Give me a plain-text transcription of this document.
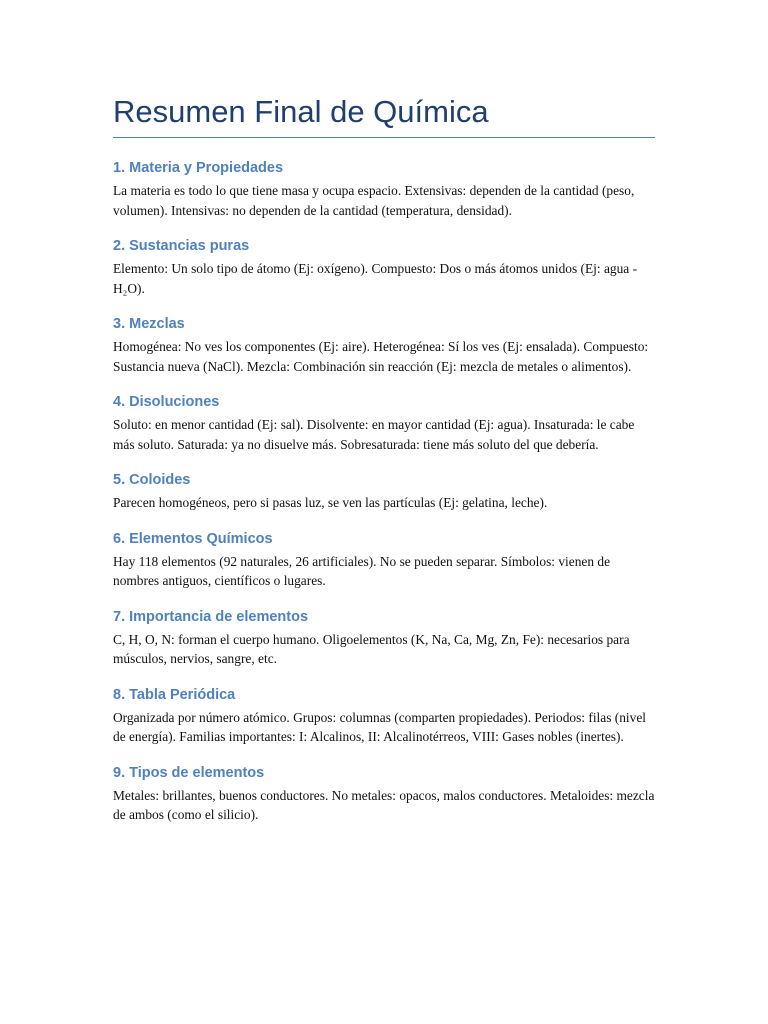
Resumen Final de Química
1. Materia y Propiedades

La materia es todo lo que tiene masa y ocupa espacio. Extensivas: dependen de la cantidad (peso, volumen). Intensivas: no dependen de la cantidad (temperatura, densidad).

2. Sustancias puras

Elemento: Un solo tipo de átomo (Ej: oxígeno). Compuesto: Dos o más átomos unidos (Ej: agua - H₂O).

3. Mezclas

Homogénea: No ves los componentes (Ej: aire). Heterogénea: Sí los ves (Ej: ensalada). Compuesto: Sustancia nueva (NaCl). Mezcla: Combinación sin reacción (Ej: mezcla de metales o alimentos).

4. Disoluciones

Soluto: en menor cantidad (Ej: sal). Disolvente: en mayor cantidad (Ej: agua). Insaturada: le cabe más soluto. Saturada: ya no disuelve más. Sobresaturada: tiene más soluto del que debería.

5. Coloides

Parecen homogéneos, pero si pasas luz, se ven las partículas (Ej: gelatina, leche).

6. Elementos Químicos

Hay 118 elementos (92 naturales, 26 artificiales). No se pueden separar. Símbolos: vienen de nombres antiguos, científicos o lugares.

7. Importancia de elementos

C, H, O, N: forman el cuerpo humano. Oligoelementos (K, Na, Ca, Mg, Zn, Fe): necesarios para músculos, nervios, sangre, etc.

8. Tabla Periódica

Organizada por número atómico. Grupos: columnas (comparten propiedades). Periodos: filas (nivel de energía). Familias importantes: I: Alcalinos, II: Alcalinotérreos, VIII: Gases nobles (inertes).

9. Tipos de elementos

Metales: brillantes, buenos conductores. No metales: opacos, malos conductores. Metaloides: mezcla de ambos (como el silicio).
